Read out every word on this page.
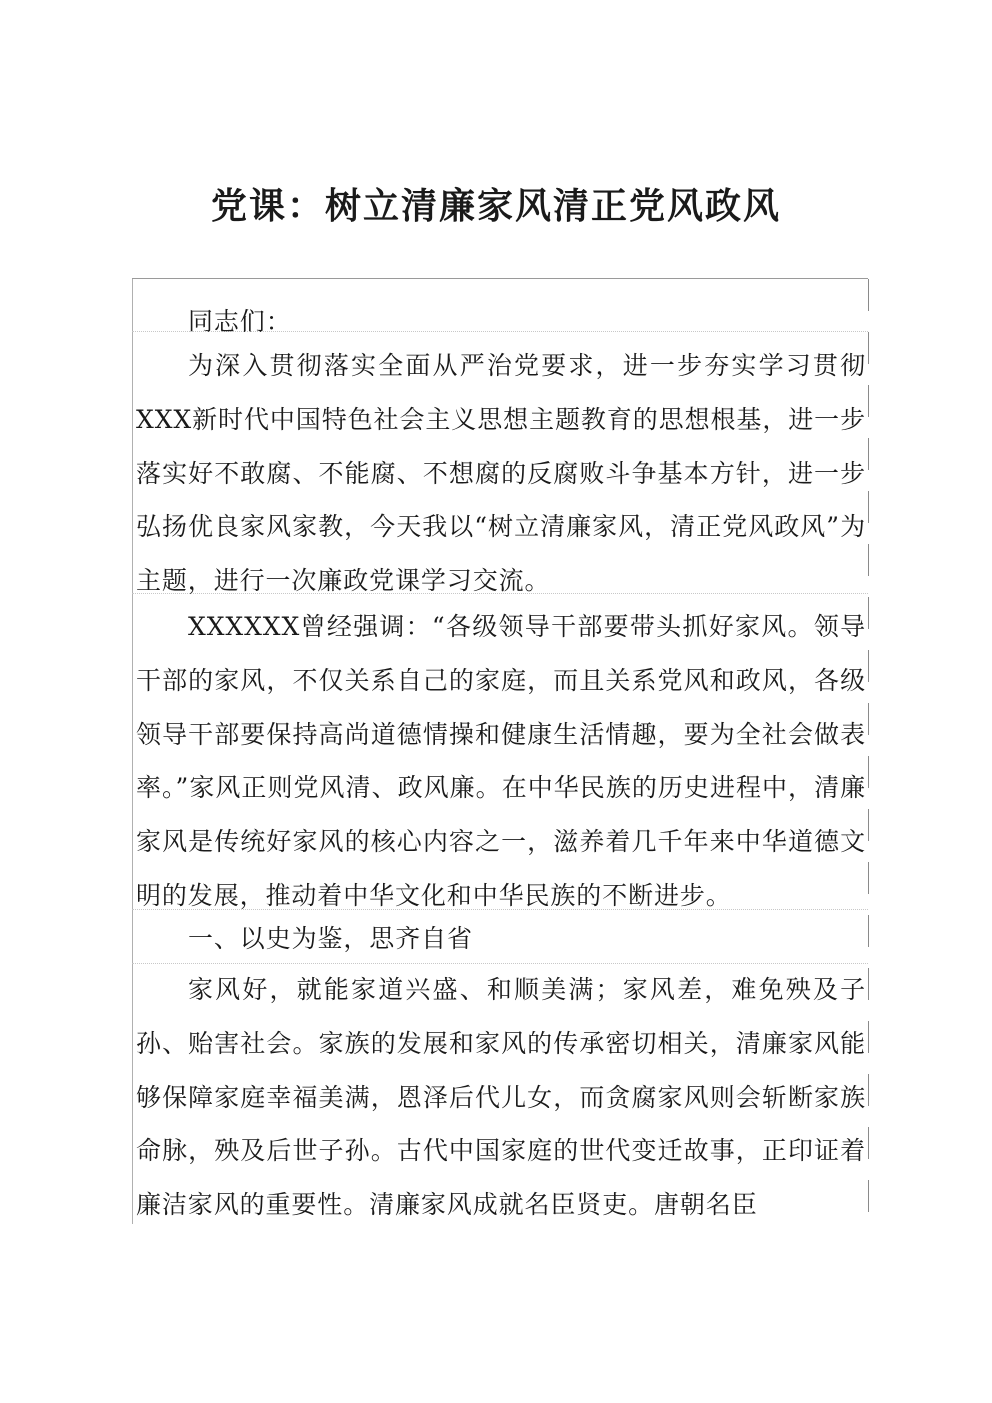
党课：树立清廉家风清正党风政风

同志们：

为深入贯彻落实全面从严治党要求，进一步夯实学习贯彻XXX新时代中国特色社会主义思想主题教育的思想根基，进一步落实好不敢腐、不能腐、不想腐的反腐败斗争基本方针，进一步弘扬优良家风家教，今天我以“树立清廉家风，清正党风政风”为主题，进行一次廉政党课学习交流。

XXXXXX曾经强调：“各级领导干部要带头抓好家风。领导干部的家风，不仅关系自己的家庭，而且关系党风和政风，各级领导干部要保持高尚道德情操和健康生活情趣，要为全社会做表率。”家风正则党风清、政风廉。在中华民族的历史进程中，清廉家风是传统好家风的核心内容之一，滋养着几千年来中华道德文明的发展，推动着中华文化和中华民族的不断进步。

一、以史为鉴，思齐自省

家风好，就能家道兴盛、和顺美满；家风差，难免殃及子孙、贻害社会。家族的发展和家风的传承密切相关，清廉家风能够保障家庭幸福美满，恩泽后代儿女，而贪腐家风则会斩断家族命脉，殃及后世子孙。古代中国家庭的世代变迁故事，正印证着廉洁家风的重要性。清廉家风成就名臣贤吏。唐朝名臣
